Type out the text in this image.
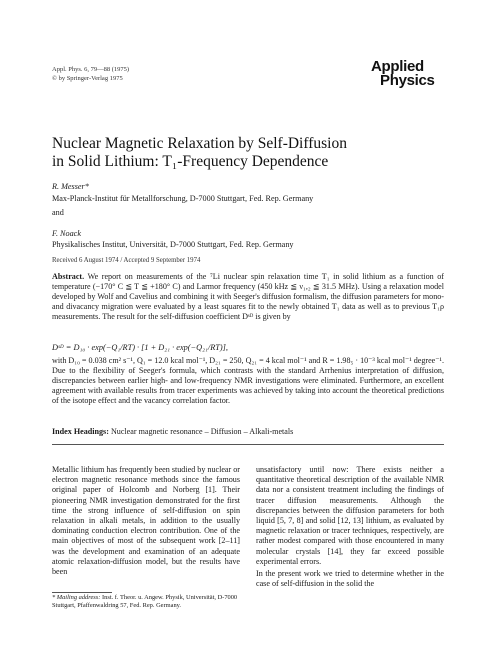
Appl. Phys. 6, 79—88 (1975)
© by Springer-Verlag 1975
Applied
Physics
Nuclear Magnetic Relaxation by Self-Diffusion
in Solid Lithium: T₁-Frequency Dependence
R. Messer*
Max-Planck-Institut für Metallforschung, D-7000 Stuttgart, Fed. Rep. Germany
and
F. Noack
Physikalisches Institut, Universität, D-7000 Stuttgart, Fed. Rep. Germany
Received 6 August 1974 / Accepted 9 September 1974
Abstract. We report on measurements of the ⁷Li nuclear spin relaxation time T₁ in solid lithium as a function of temperature (−170° C ≦ T ≦ +180° C) and Larmor frequency (450 kHz ≦ ν₁,₂ ≦ 31.5 MHz). Using a relaxation model developed by Wolf and Cavelius and combining it with Seeger's diffusion formalism, the diffusion parameters for mono- and divacancy migration were evaluated by a least squares fit to the newly obtained T₁ data as well as to previous T₁ρ measurements. The result for the self-diffusion coefficient Dˢᴰ is given by
Dˢᴰ = D₁₀ · exp(−Q₁/RT) · [1 + D₂₁ · exp(−Q₂₁/RT)],
with D₁₀ = 0.038 cm² s⁻¹, Q₁ = 12.0 kcal mol⁻¹, D₂₁ = 250, Q₂₁ = 4 kcal mol⁻¹ and R = 1.98₅ · 10⁻³ kcal mol⁻¹ degree⁻¹. Due to the flexibility of Seeger's formula, which contrasts with the standard Arrhenius interpretation of diffusion, discrepancies between earlier high- and low-frequency NMR investigations were eliminated. Furthermore, an excellent agreement with available results from tracer experiments was achieved by taking into account the theoretical predictions of the isotope effect and the vacancy correlation factor.
Index Headings: Nuclear magnetic resonance – Diffusion – Alkali-metals
Metallic lithium has frequently been studied by nuclear or electron magnetic resonance methods since the famous original paper of Holcomb and Norberg [1]. Their pioneering NMR investigation demonstrated for the first time the strong influence of self-diffusion on spin relaxation in alkali metals, in addition to the usually dominating conduction electron contribution. One of the main objectives of most of the subsequent work [2–11] was the development and examination of an adequate atomic relaxation-diffusion model, but the results have been
unsatisfactory until now: There exists neither a quantitative theoretical description of the available NMR data nor a consistent treatment including the findings of tracer diffusion measurements. Although the discrepancies between the diffusion parameters for both liquid [5, 7, 8] and solid [12, 13] lithium, as evaluated by magnetic relaxation or tracer techniques, respectively, are rather modest compared with those encountered in many molecular crystals [14], they far exceed possible experimental errors.
In the present work we tried to determine whether in the case of self-diffusion in the solid the
* Mailing address: Inst. f. Theor. u. Angew. Physik, Universität, D-7000 Stuttgart, Pfaffenwaldring 57, Fed. Rep. Germany.
